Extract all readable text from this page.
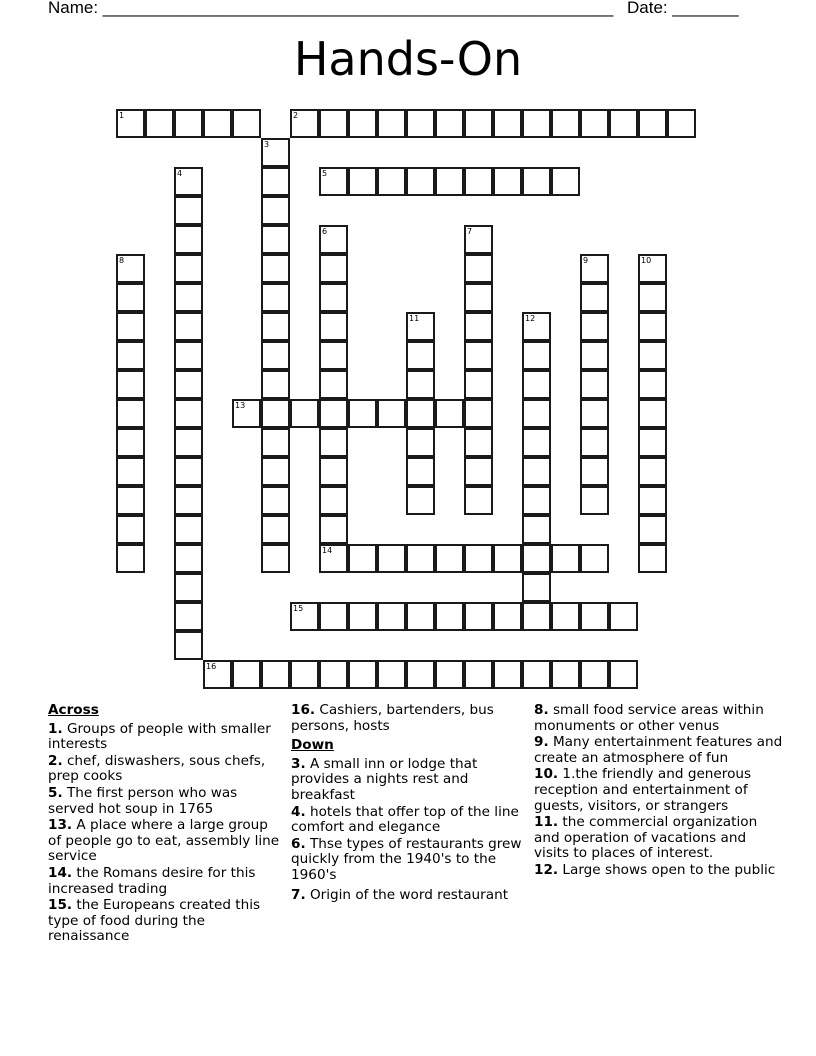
Name: ______________________________________________________ Date: _______
Hands-On
1	2
3
4	5
6
14
7
8	9	10
11	12
13
15
16
Across
1. Groups of people with smaller interests
2. chef, diswashers, sous chefs, prep cooks
5. The first person who was served hot soup in 1765
13. A place where a large group of people go to eat, assembly line service
14. the Romans desire for this increased trading
15. the Europeans created this type of food during the renaissance
16. Cashiers, bartenders, bus persons, hosts
Down
3. A small inn or lodge that provides a nights rest and breakfast
4. hotels that offer top of the line comfort and elegance
6. Thse types of restaurants grew quickly from the 1940's to the 1960's
7. Origin of the word restaurant
8. small food service areas within monuments or other venus
9. Many entertainment features and create an atmosphere of fun
10. 1.the friendly and generous reception and entertainment of guests, visitors, or strangers
11. the commercial organization and operation of vacations and visits to places of interest.
12. Large shows open to the public
